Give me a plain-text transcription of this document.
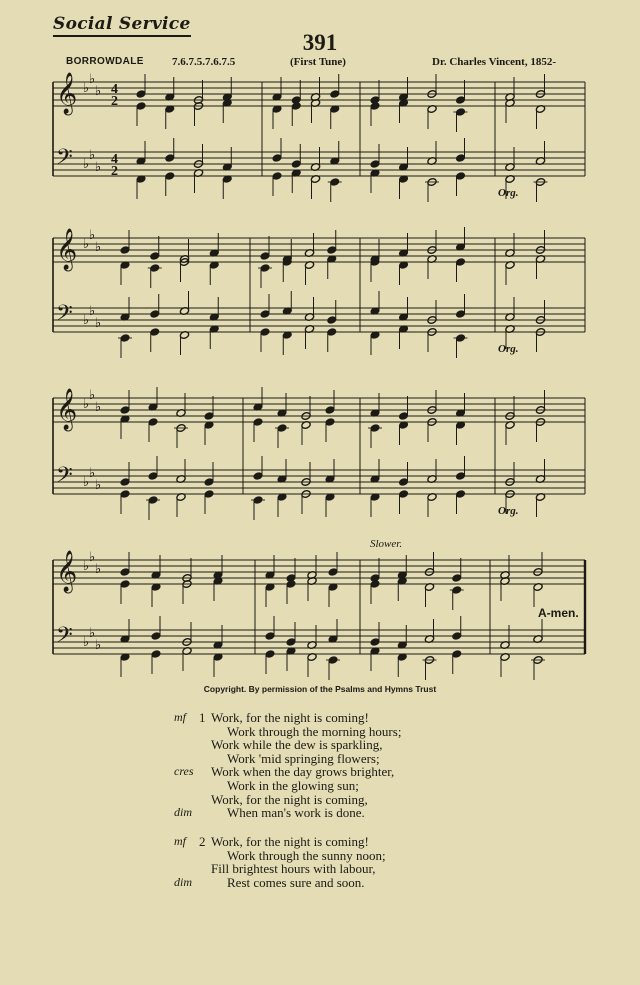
Social Service
391
BORROWDALE	7.6.7.5.7.6.7.5	(First Tune)	Dr. Charles Vincent, 1852-
𝄞 ♭
♭
♭
𝄢 ♭
♭
♭
4
2
4
2
Org.
𝄞 ♭
♭
♭
𝄢 ♭
♭
♭
Org.
𝄞 ♭
♭
♭
𝄢 ♭
♭
♭
Org.
𝄞 ♭
♭
♭
𝄢 ♭
♭
♭
Slower.
A-men.
Copyright. By permission of the Psalms and Hymns Trust
mf 1 Work, for the night is coming!
Work through the morning hours;
Work while the dew is sparkling,
Work 'mid springing flowers;
cres Work when the day grows brighter,
Work in the glowing sun;
Work, for the night is coming,
dim	When man's work is done.
mf 2 Work, for the night is coming!
Work through the sunny noon;
Fill brightest hours with labour,
dim	Rest comes sure and soon.
